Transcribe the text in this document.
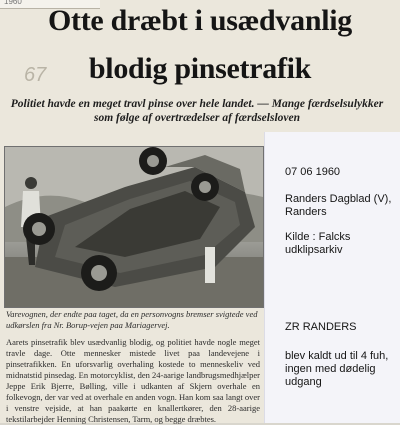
1960
Otte dræbt i usædvanlig
67	blodig pinsetrafik
Politiet havde en meget travl pinse over hele landet. — Mange færdselsulykker som følge af overtrædelser af færdselsloven
Varevognen, der endte paa taget, da en personvogns bremser svigtede ved udkørslen fra Nr. Borup-vejen paa Mariagervej.
Aarets pinsetrafik blev usædvanlig blodig, og politiet havde nogle meget travle dage. Otte mennesker mistede livet paa landevejene i pinsetrafikken. En uforsvarlig overhaling kostede to menneskeliv ved midnatstid pinsedag. En motorcyklist, den 24-aarige landbrugsmedhjælper Jeppe Erik Bjerre, Bølling, ville i udkanten af Skjern overhale en folkevogn, der var ved at overhale en anden vogn. Han kom saa langt over i venstre vejside, at han paakørte en knallertkører, den 28-aarige tekstilarbejder Henning Christensen, Tarm, og begge dræbtes.
07 06 1960
Randers Dagblad (V), Randers
Kilde : Falcks udklipsarkiv
ZR RANDERS
blev kaldt ud til 4 fuh, ingen med dødelig udgang
